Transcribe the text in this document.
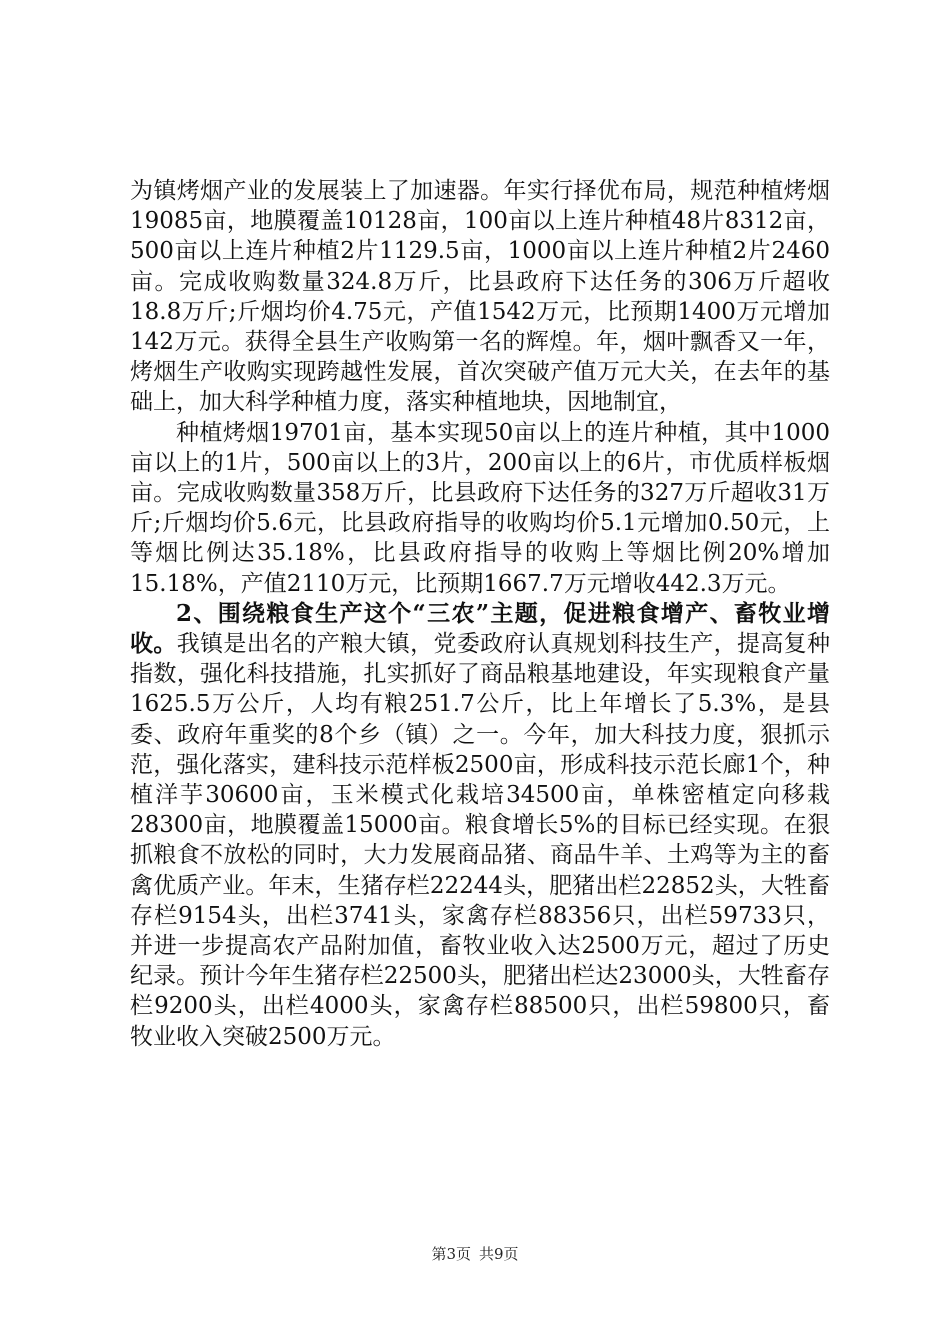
为镇烤烟产业的发展装上了加速器。年实行择优布局，规范种植烤烟19085亩，地膜覆盖10128亩，100亩以上连片种植48片8312亩，500亩以上连片种植2片1129.5亩，1000亩以上连片种植2片2460亩。完成收购数量324.8万斤，比县政府下达任务的306万斤超收18.8万斤;斤烟均价4.75元，产值1542万元，比预期1400万元增加142万元。获得全县生产收购第一名的辉煌。年，烟叶飘香又一年，烤烟生产收购实现跨越性发展，首次突破产值万元大关，在去年的基础上，加大科学种植力度，落实种植地块，因地制宜，

种植烤烟19701亩，基本实现50亩以上的连片种植，其中1000亩以上的1片，500亩以上的3片，200亩以上的6片，市优质样板烟亩。完成收购数量358万斤，比县政府下达任务的327万斤超收31万斤;斤烟均价5.6元，比县政府指导的收购均价5.1元增加0.50元，上等烟比例达35.18%，比县政府指导的收购上等烟比例20%增加15.18%，产值2110万元，比预期1667.7万元增收442.3万元。

2、围绕粮食生产这个“三农”主题，促进粮食增产、畜牧业增收。我镇是出名的产粮大镇，党委政府认真规划科技生产，提高复种指数，强化科技措施，扎实抓好了商品粮基地建设，年实现粮食产量1625.5万公斤，人均有粮251.7公斤，比上年增长了5.3%，是县委、政府年重奖的8个乡（镇）之一。今年，加大科技力度，狠抓示范，强化落实，建科技示范样板2500亩，形成科技示范长廊1个，种植洋芋30600亩，玉米模式化栽培34500亩，单株密植定向移栽28300亩，地膜覆盖15000亩。粮食增长5%的目标已经实现。在狠抓粮食不放松的同时，大力发展商品猪、商品牛羊、土鸡等为主的畜禽优质产业。年末，生猪存栏22244头，肥猪出栏22852头，大牲畜存栏9154头，出栏3741头，家禽存栏88356只，出栏59733只，并进一步提高农产品附加值，畜牧业收入达2500万元，超过了历史纪录。预计今年生猪存栏22500头，肥猪出栏达23000头，大牲畜存栏9200头，出栏4000头，家禽存栏88500只，出栏59800只，畜牧业收入突破2500万元。

第3页 共9页
